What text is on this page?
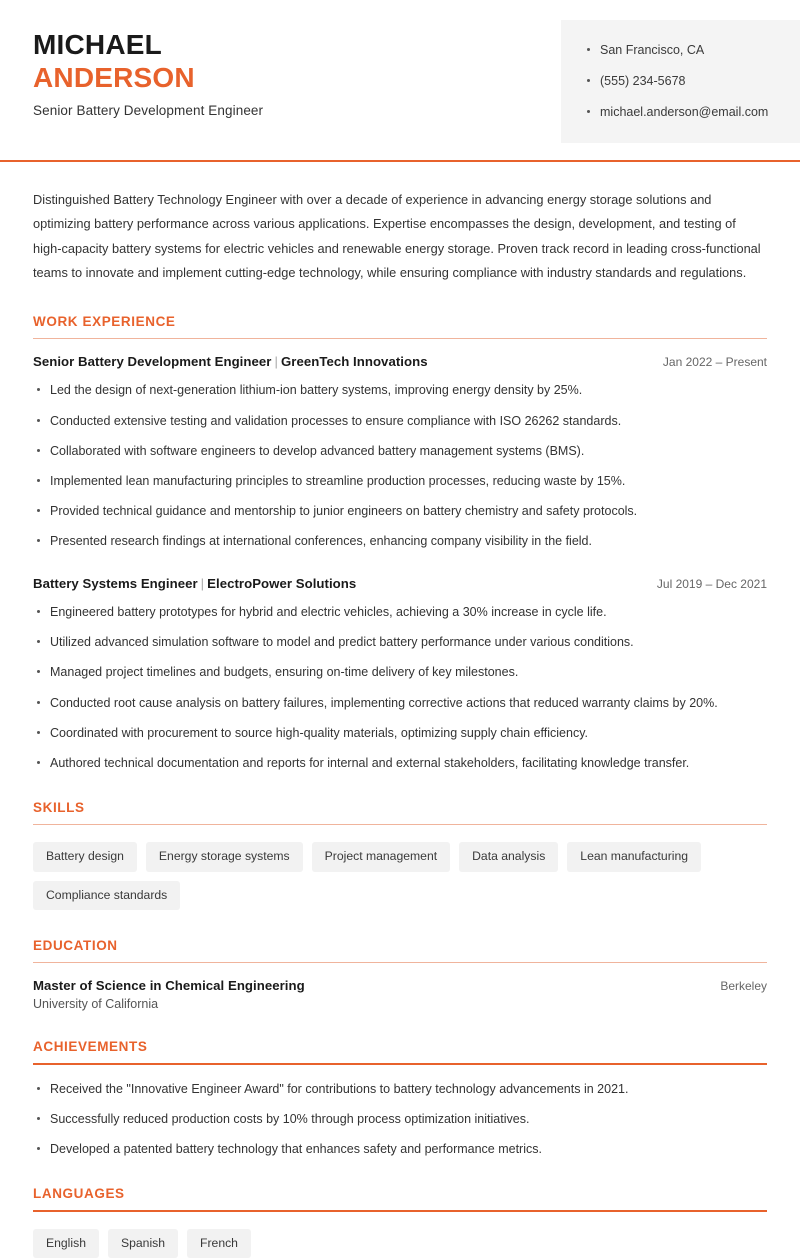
MICHAEL
ANDERSON
Senior Battery Development Engineer
San Francisco, CA
(555) 234-5678
michael.anderson@email.com

Distinguished Battery Technology Engineer with over a decade of experience in advancing energy storage solutions and optimizing battery performance across various applications. Expertise encompasses the design, development, and testing of high-capacity battery systems for electric vehicles and renewable energy storage. Proven track record in leading cross-functional teams to innovate and implement cutting-edge technology, while ensuring compliance with industry standards and regulations.

WORK EXPERIENCE
Senior Battery Development Engineer | GreenTech Innovations	Jan 2022 – Present
Led the design of next-generation lithium-ion battery systems, improving energy density by 25%.
Conducted extensive testing and validation processes to ensure compliance with ISO 26262 standards.
Collaborated with software engineers to develop advanced battery management systems (BMS).
Implemented lean manufacturing principles to streamline production processes, reducing waste by 15%.
Provided technical guidance and mentorship to junior engineers on battery chemistry and safety protocols.
Presented research findings at international conferences, enhancing company visibility in the field.
Battery Systems Engineer | ElectroPower Solutions	Jul 2019 – Dec 2021
Engineered battery prototypes for hybrid and electric vehicles, achieving a 30% increase in cycle life.
Utilized advanced simulation software to model and predict battery performance under various conditions.
Managed project timelines and budgets, ensuring on-time delivery of key milestones.
Conducted root cause analysis on battery failures, implementing corrective actions that reduced warranty claims by 20%.
Coordinated with procurement to source high-quality materials, optimizing supply chain efficiency.
Authored technical documentation and reports for internal and external stakeholders, facilitating knowledge transfer.
SKILLS
Battery design	Energy storage systems	Project management	Data analysis	Lean manufacturing
Compliance standards
EDUCATION
Master of Science in Chemical Engineering	Berkeley
University of California
ACHIEVEMENTS
Received the "Innovative Engineer Award" for contributions to battery technology advancements in 2021.
Successfully reduced production costs by 10% through process optimization initiatives.
Developed a patented battery technology that enhances safety and performance metrics.
LANGUAGES
English	Spanish	French
